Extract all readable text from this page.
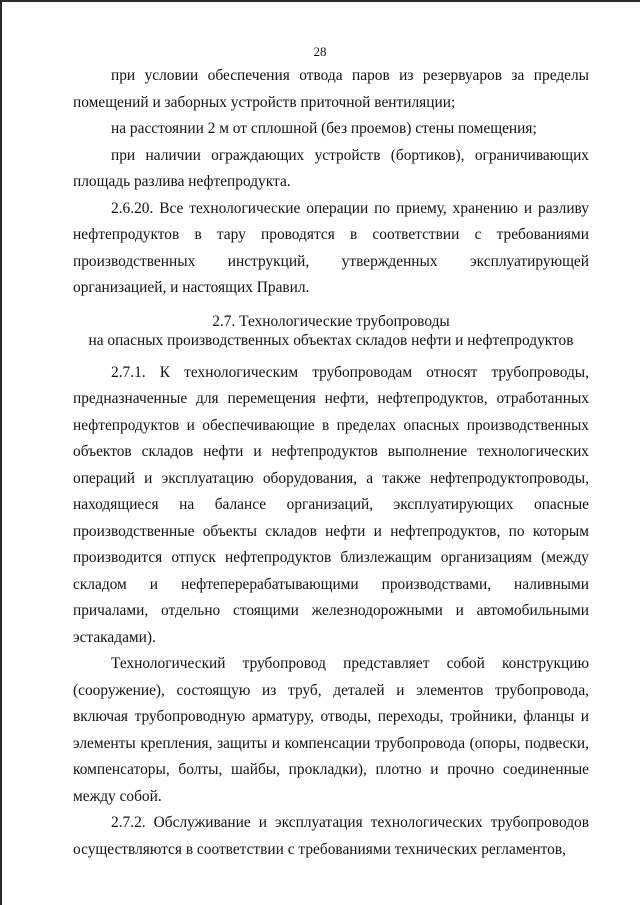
28

при условии обеспечения отвода паров из резервуаров за пределы помещений и заборных устройств приточной вентиляции;

на расстоянии 2 м от сплошной (без проемов) стены помещения;

при наличии ограждающих устройств (бортиков), ограничивающих площадь разлива нефтепродукта.

2.6.20. Все технологические операции по приему, хранению и разливу нефтепродуктов в тару проводятся в соответствии с требованиями производственных инструкций, утвержденных эксплуатирующей организацией, и настоящих Правил.

2.7. Технологические трубопроводы
на опасных производственных объектах складов нефти и нефтепродуктов

2.7.1. К технологическим трубопроводам относят трубопроводы, предназначенные для перемещения нефти, нефтепродуктов, отработанных нефтепродуктов и обеспечивающие в пределах опасных производственных объектов складов нефти и нефтепродуктов выполнение технологических операций и эксплуатацию оборудования, а также нефтепродуктопроводы, находящиеся на балансе организаций, эксплуатирующих опасные производственные объекты складов нефти и нефтепродуктов, по которым производится отпуск нефтепродуктов близлежащим организациям (между складом и нефтеперерабатывающими производствами, наливными причалами, отдельно стоящими железнодорожными и автомобильными эстакадами).

Технологический трубопровод представляет собой конструкцию (сооружение), состоящую из труб, деталей и элементов трубопровода, включая трубопроводную арматуру, отводы, переходы, тройники, фланцы и элементы крепления, защиты и компенсации трубопровода (опоры, подвески, компенсаторы, болты, шайбы, прокладки), плотно и прочно соединенные между собой.

2.7.2. Обслуживание и эксплуатация технологических трубопроводов осуществляются в соответствии с требованиями технических регламентов,
